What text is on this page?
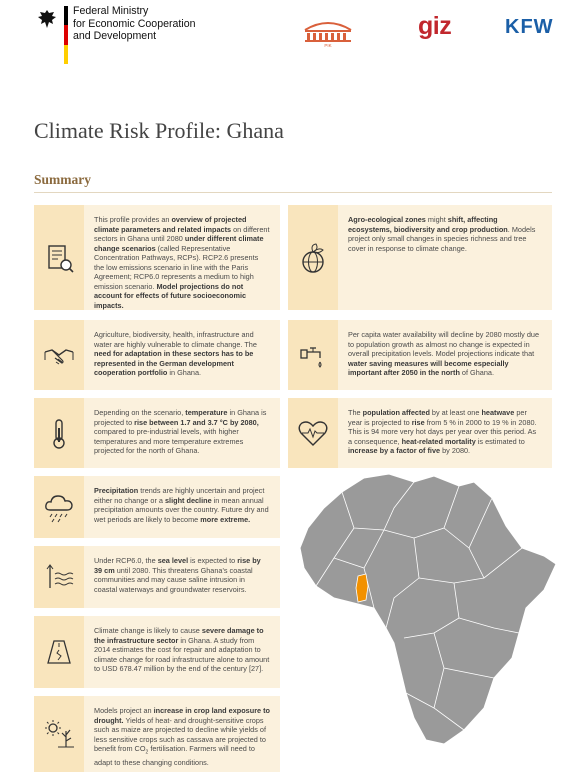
Federal Ministry
for Economic Cooperation
and Development
PIK
giz	KFW
Climate Risk Profile: Ghana
Summary
This profile provides an overview of projected climate parameters and related impacts on different sectors in Ghana until 2080 under different climate change scenarios (called Representative Concentration Pathways, RCPs). RCP2.6 presents the low emissions scenario in line with the Paris Agreement; RCP6.0 represents a medium to high emission scenario. Model projections do not account for effects of future socioeconomic impacts.
Agro-ecological zones might shift, affecting ecosystems, biodiversity and crop production. Models project only small changes in species richness and tree cover in response to climate change.
Agriculture, biodiversity, health, infrastructure and water are highly vulnerable to climate change. The need for adaptation in these sectors has to be represented in the German development cooperation portfolio in Ghana.
Per capita water availability will decline by 2080 mostly due to population growth as almost no change is expected in overall precipitation levels. Model projections indicate that water saving measures will become especially important after 2050 in the north of Ghana.
Depending on the scenario, temperature in Ghana is projected to rise between 1.7 and 3.7 °C by 2080, compared to pre-industrial levels, with higher temperatures and more temperature extremes projected for the north of Ghana.
The population affected by at least one heatwave per year is projected to rise from 5 % in 2000 to 19 % in 2080. This is 94 more very hot days per year over this period. As a consequence, heat-related mortality is estimated to increase by a factor of five by 2080.
Precipitation trends are highly uncertain and project either no change or a slight decline in mean annual precipitation amounts over the country. Future dry and wet periods are likely to become more extreme.
Under RCP6.0, the sea level is expected to rise by 39 cm until 2080. This threatens Ghana's coastal communities and may cause saline intrusion in coastal waterways and groundwater reservoirs.
Climate change is likely to cause severe damage to the infrastructure sector in Ghana. A study from 2014 estimates the cost for repair and adaptation to climate change for road infrastructure alone to amount to USD 678.47 million by the end of the century [27].
Models project an increase in crop land exposure to drought. Yields of heat- and drought-sensitive crops such as maize are projected to decline while yields of less sensitive crops such as cassava are projected to benefit from $CO_2$ fertilisation. Farmers will need to adapt to these changing conditions.
